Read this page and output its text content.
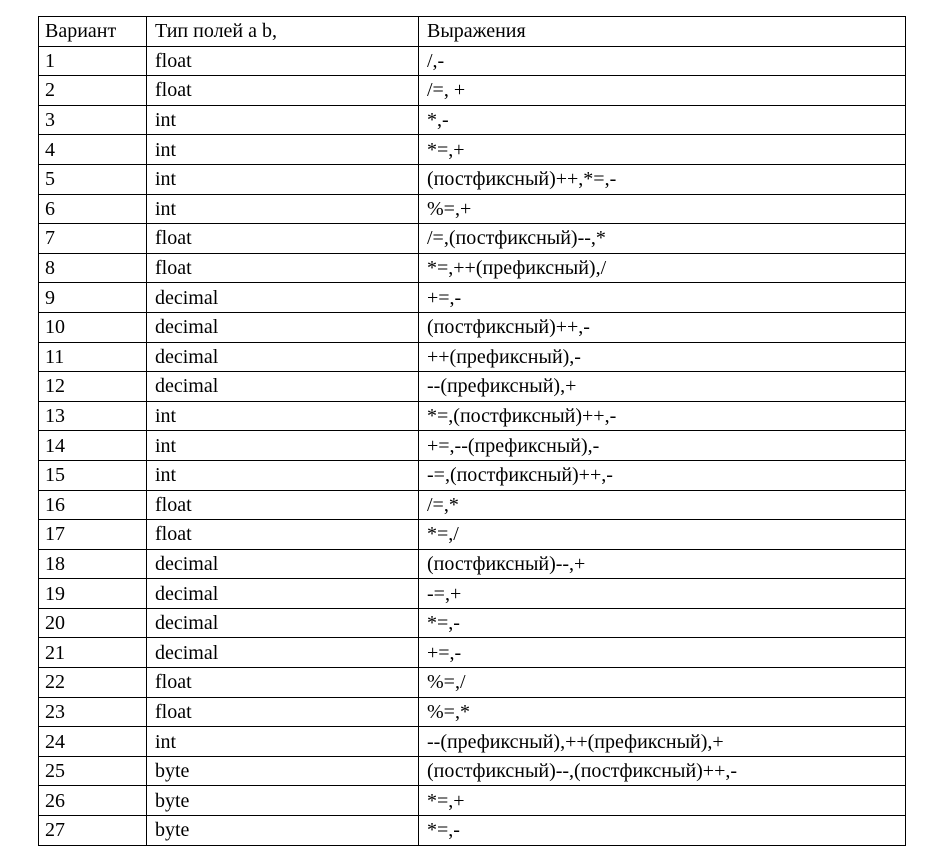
Вариант	Тип полей a b,	Выражения
1	float	/,-
2	float	/=, +
3	int	*,-
4	int	*=,+
5	int	(постфиксный)++,*=,-
6	int	%=,+
7	float	/=,(постфиксный)--,*
8	float	*=,++(префиксный),/
9	decimal	+=,-
10	decimal	(постфиксный)++,-
11	decimal	++(префиксный),-
12	decimal	--(префиксный),+
13	int	*=,(постфиксный)++,-
14	int	+=,--(префиксный),-
15	int	-=,(постфиксный)++,-
16	float	/=,*
17	float	*=,/
18	decimal	(постфиксный)--,+
19	decimal	-=,+
20	decimal	*=,-
21	decimal	+=,-
22	float	%=,/
23	float	%=,*
24	int	--(префиксный),++(префиксный),+
25	byte	(постфиксный)--,(постфиксный)++,-
26	byte	*=,+
27	byte	*=,-
